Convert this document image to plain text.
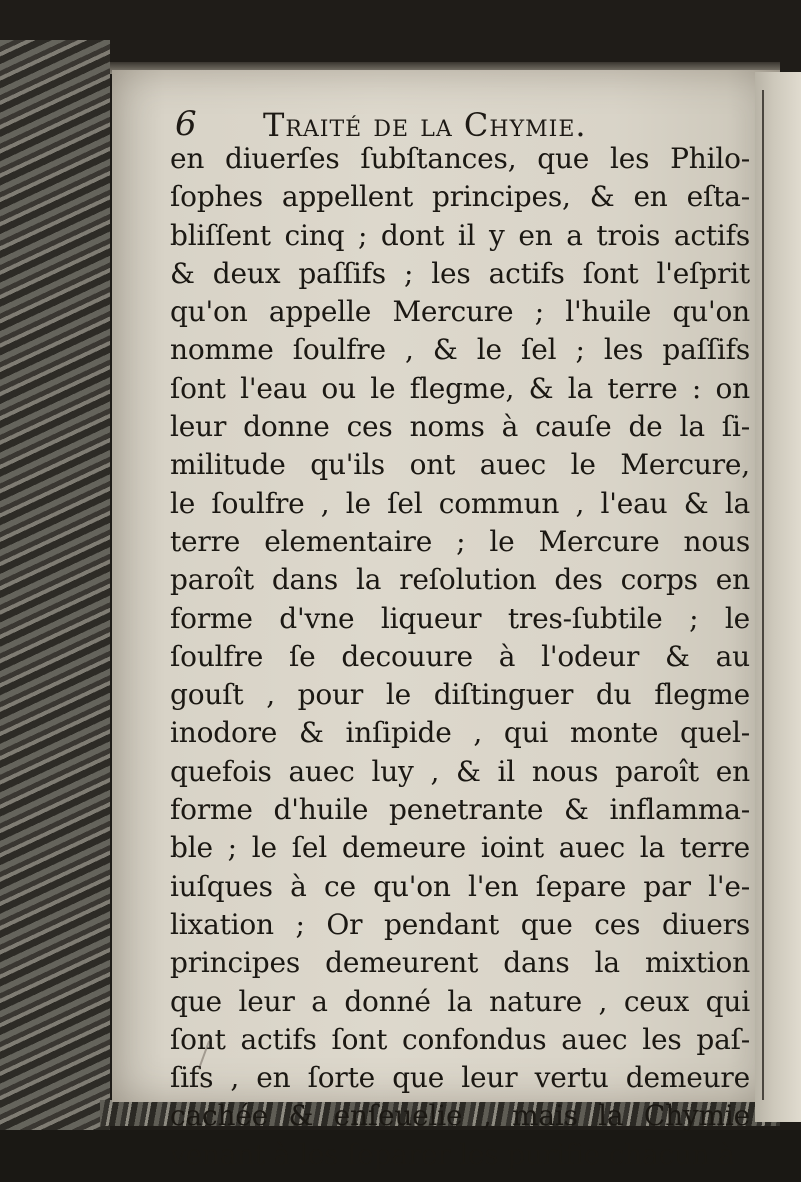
6 Traité de la Chymie.
en diuerſes ſubſtances, que les Philo-
ſophes appellent principes, & en eſta-
bliſſent cinq ; dont il y en a trois actifs
& deux paſſifs ; les actifs ſont l'eſprit
qu'on appelle Mercure ; l'huile qu'on
nomme ſoulfre , & le ſel ; les paſſifs
ſont l'eau ou le flegme, & la terre : on
leur donne ces noms à cauſe de la ſi-
militude qu'ils ont auec le Mercure,
le ſoulfre , le ſel commun , l'eau & la
terre elementaire ; le Mercure nous
paroît dans la reſolution des corps en
forme d'vne liqueur tres-ſubtile ; le
ſoulfre ſe decouure à l'odeur & au
gouſt , pour le diſtinguer du flegme
inodore & inſipide , qui monte quel-
quefois auec luy , & il nous paroît en
forme d'huile penetrante & inflamma-
ble ; le ſel demeure ioint auec la terre
iuſques à ce qu'on l'en ſepare par l'e-
lixation ; Or pendant que ces diuers
principes demeurent dans la mixtion
que leur a donné la nature , ceux qui
ſont actifs ſont confondus auec les paſ-
ſifs , en ſorte que leur vertu demeure
cachée & enſeuelie , mais la Chymie
venant à les ſeparer les purifie chacun à
